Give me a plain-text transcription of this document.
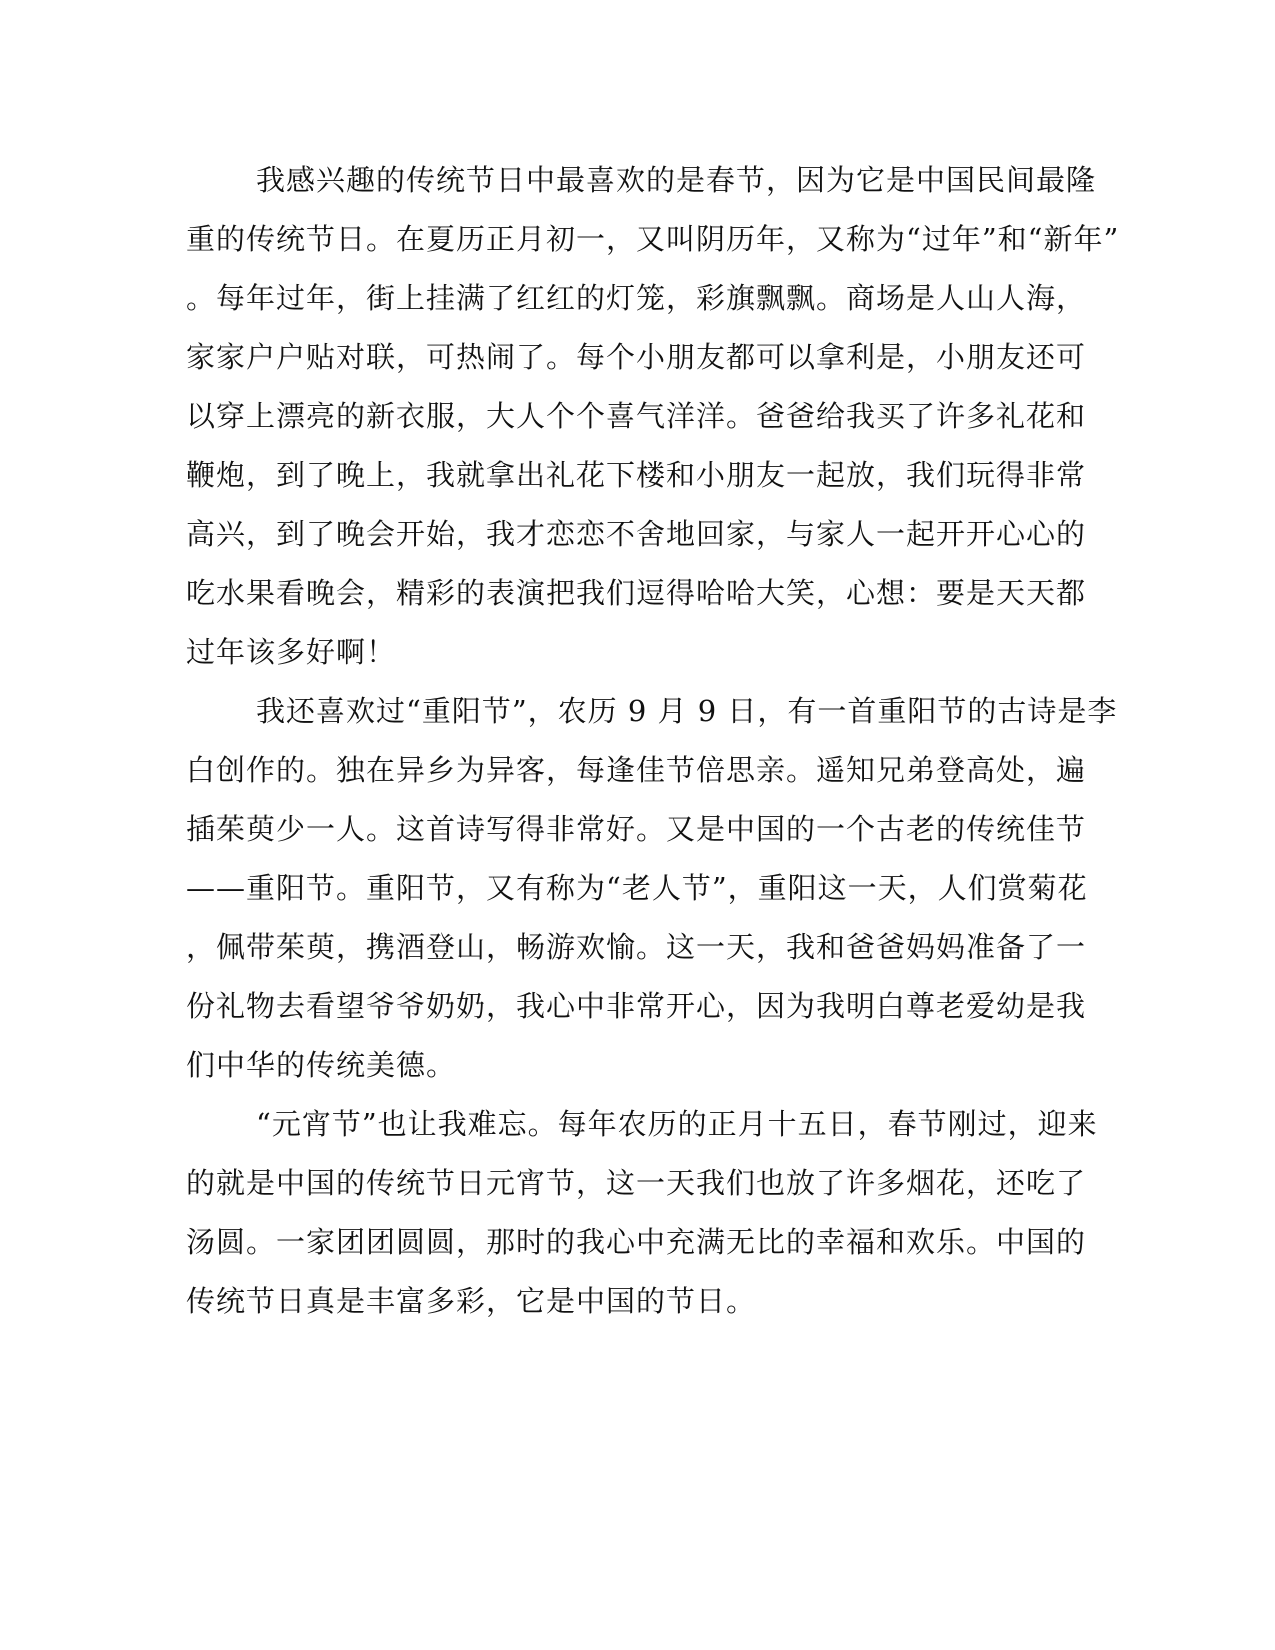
我感兴趣的传统节日中最喜欢的是春节，因为它是中国民间最隆
重的传统节日。在夏历正月初一，又叫阴历年，又称为“过年”和“新年”
。每年过年，街上挂满了红红的灯笼，彩旗飘飘。商场是人山人海，
家家户户贴对联，可热闹了。每个小朋友都可以拿利是，小朋友还可
以穿上漂亮的新衣服，大人个个喜气洋洋。爸爸给我买了许多礼花和
鞭炮，到了晚上，我就拿出礼花下楼和小朋友一起放，我们玩得非常
高兴，到了晚会开始，我才恋恋不舍地回家，与家人一起开开心心的
吃水果看晚会，精彩的表演把我们逗得哈哈大笑，心想：要是天天都
过年该多好啊！
我还喜欢过“重阳节”，农历 9 月 9 日，有一首重阳节的古诗是李
白创作的。独在异乡为异客，每逢佳节倍思亲。遥知兄弟登高处，遍
插茱萸少一人。这首诗写得非常好。又是中国的一个古老的传统佳节
——重阳节。重阳节，又有称为“老人节”，重阳这一天，人们赏菊花
，佩带茱萸，携酒登山，畅游欢愉。这一天，我和爸爸妈妈准备了一
份礼物去看望爷爷奶奶，我心中非常开心，因为我明白尊老爱幼是我
们中华的传统美德。
“元宵节”也让我难忘。每年农历的正月十五日，春节刚过，迎来
的就是中国的传统节日元宵节，这一天我们也放了许多烟花，还吃了
汤圆。一家团团圆圆，那时的我心中充满无比的幸福和欢乐。中国的
传统节日真是丰富多彩，它是中国的节日。
